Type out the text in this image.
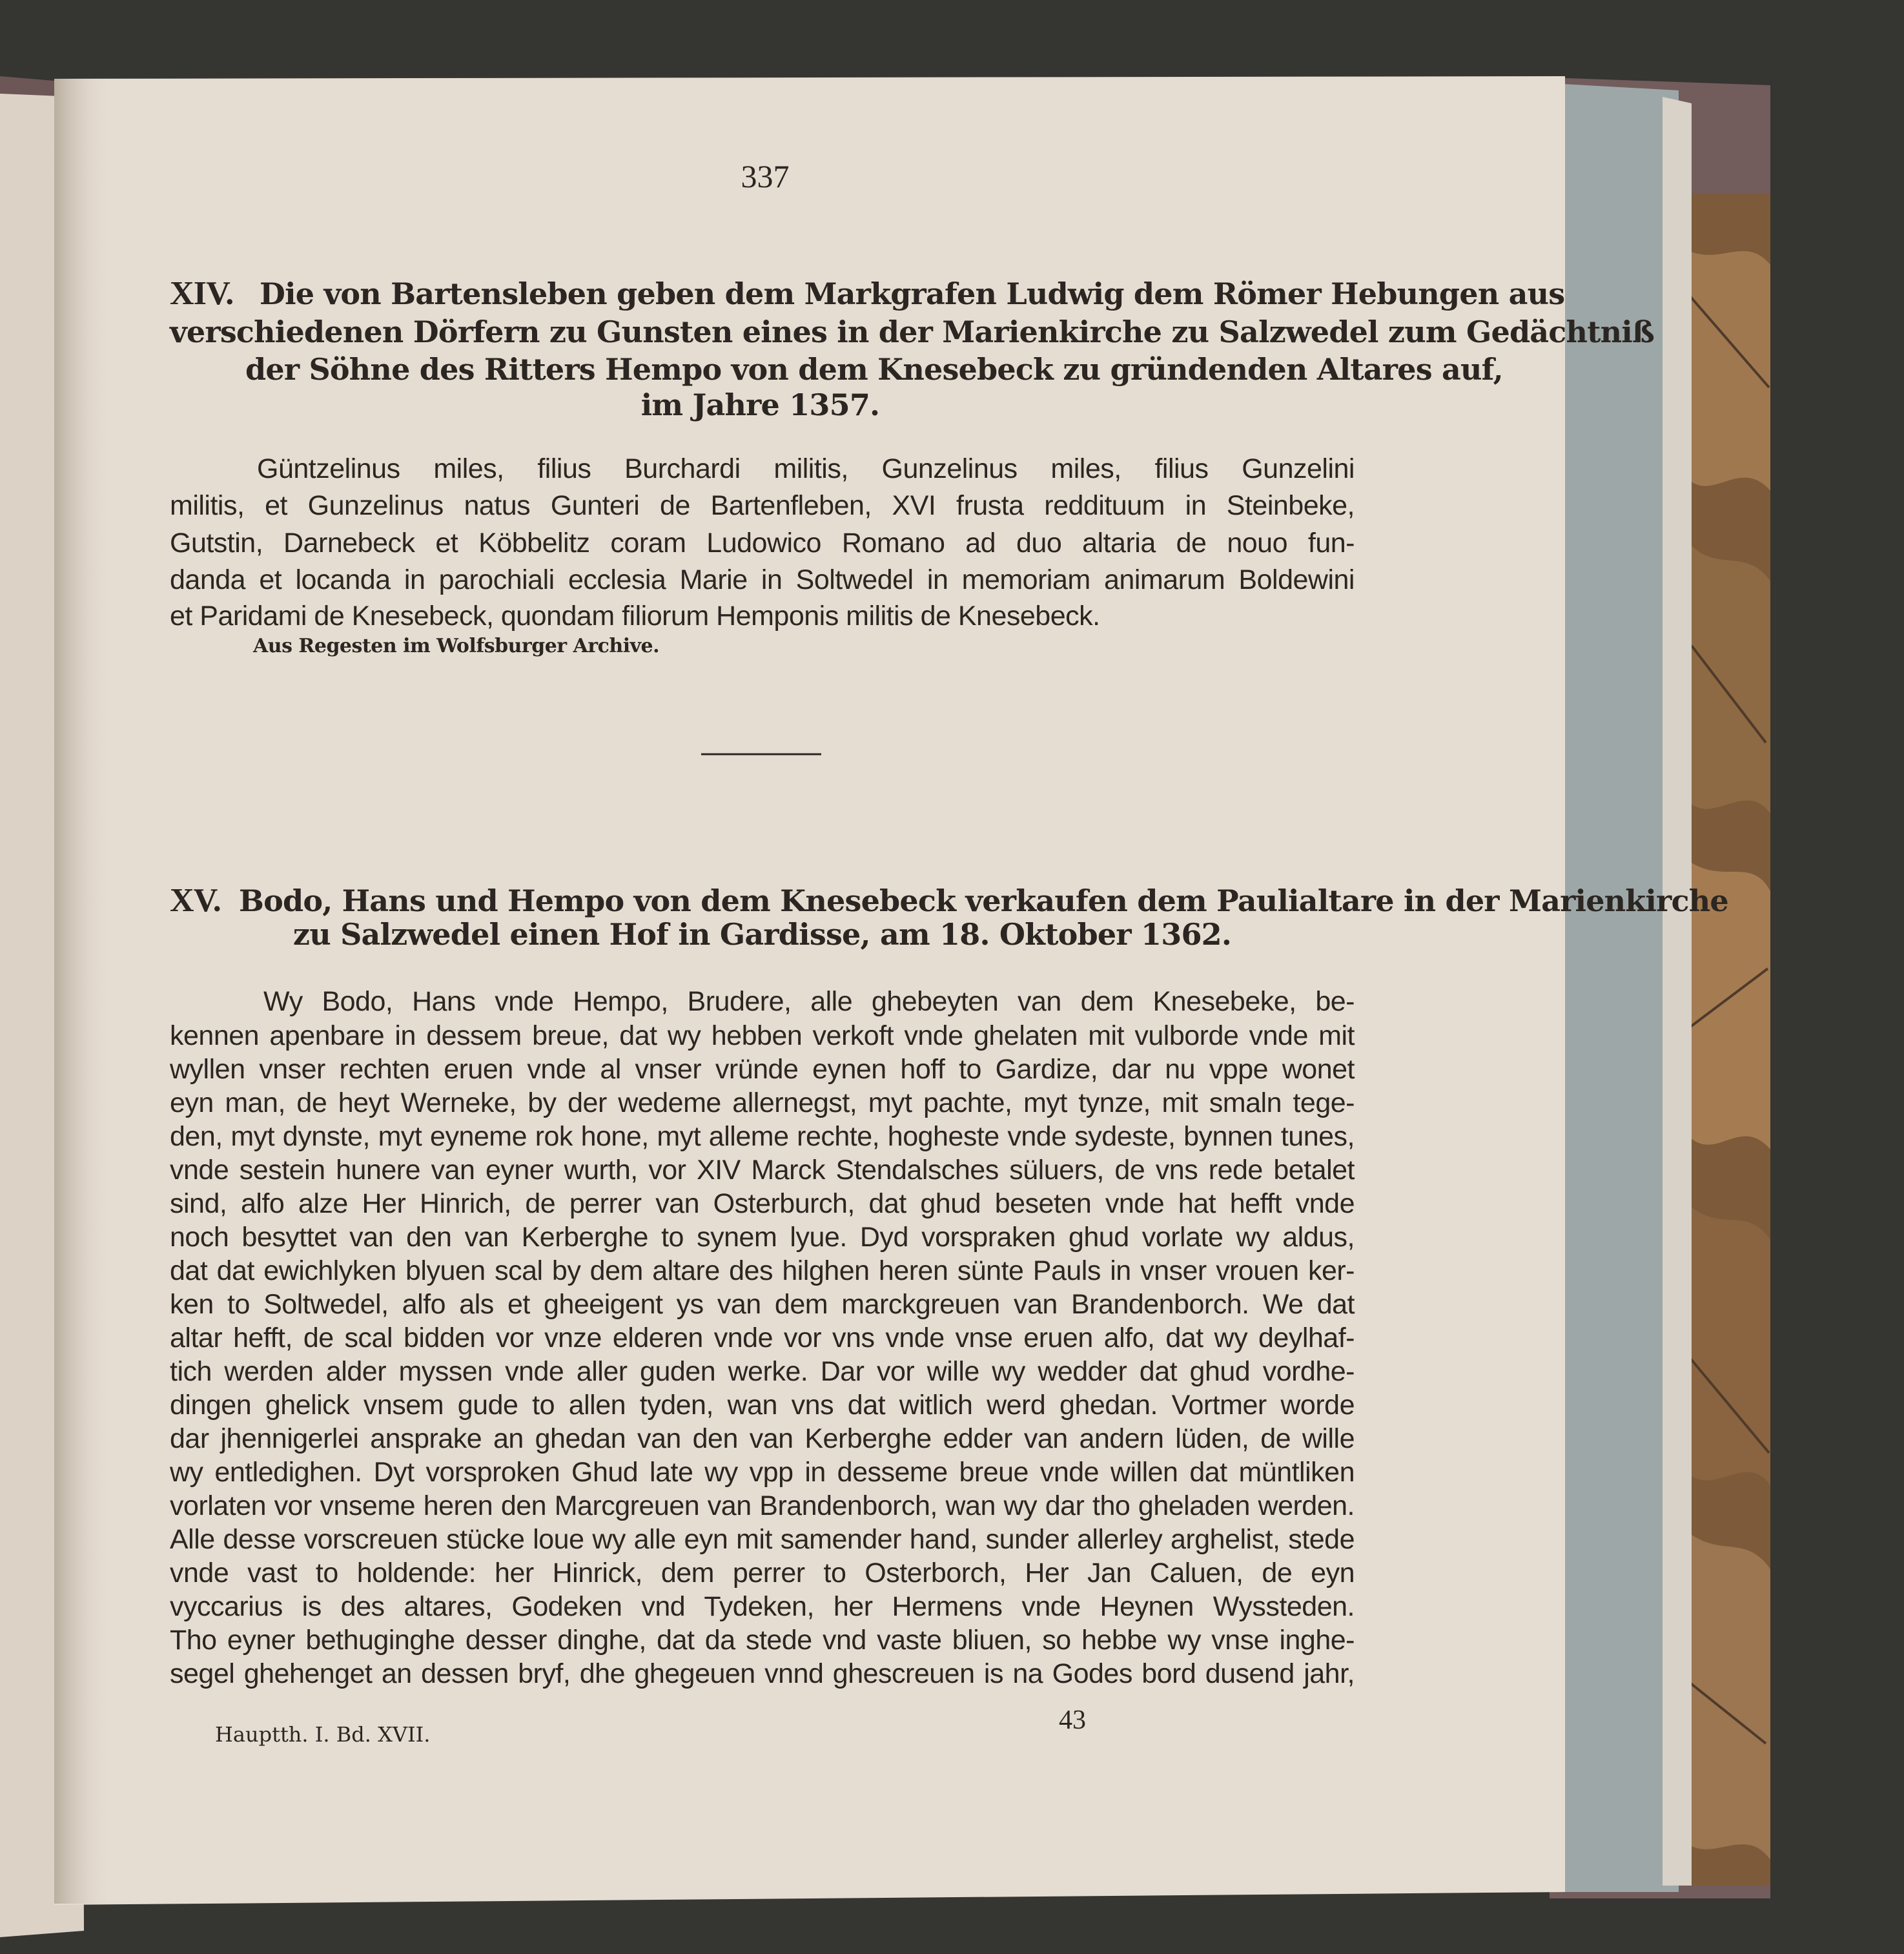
337
XIV. Die von Bartensleben geben dem Markgrafen Ludwig dem Römer Hebungen aus
verschiedenen Dörfern zu Gunsten eines in der Marienkirche zu Salzwedel zum Gedächtniß
der Söhne des Ritters Hempo von dem Knesebeck zu gründenden Altares auf,
im Jahre 1357.
Güntzelinus miles, filius Burchardi militis, Gunzelinus miles, filius Gunzelini
militis, et Gunzelinus natus Gunteri de Bartenfleben, XVI frusta reddituum in Steinbeke,
Gutstin, Darnebeck et Köbbelitz coram Ludowico Romano ad duo altaria de nouo fun-
danda et locanda in parochiali ecclesia Marie in Soltwedel in memoriam animarum Boldewini
et Paridami de Knesebeck, quondam filiorum Hemponis militis de Knesebeck.
Aus Regesten im Wolfsburger Archive.
XV. Bodo, Hans und Hempo von dem Knesebeck verkaufen dem Paulialtare in der Marienkirche
zu Salzwedel einen Hof in Gardisse, am 18. Oktober 1362.
Wy Bodo, Hans vnde Hempo, Brudere, alle ghebeyten van dem Knesebeke, be-
kennen apenbare in dessem breue, dat wy hebben verkoft vnde ghelaten mit vulborde vnde mit
wyllen vnser rechten eruen vnde al vnser vründe eynen hoff to Gardize, dar nu vppe wonet
eyn man, de heyt Werneke, by der wedeme allernegst, myt pachte, myt tynze, mit smaln tege-
den, myt dynste, myt eyneme rok hone, myt alleme rechte, hogheste vnde sydeste, bynnen tunes,
vnde sestein hunere van eyner wurth, vor XIV Marck Stendalsches süluers, de vns rede betalet
sind, alfo alze Her Hinrich, de perrer van Osterburch, dat ghud beseten vnde hat hefft vnde
noch besyttet van den van Kerberghe to synem lyue. Dyd vorspraken ghud vorlate wy aldus,
dat dat ewichlyken blyuen scal by dem altare des hilghen heren sünte Pauls in vnser vrouen ker-
ken to Soltwedel, alfo als et gheeigent ys van dem marckgreuen van Brandenborch. We dat
altar hefft, de scal bidden vor vnze elderen vnde vor vns vnde vnse eruen alfo, dat wy deylhaf-
tich werden alder myssen vnde aller guden werke. Dar vor wille wy wedder dat ghud vordhe-
dingen ghelick vnsem gude to allen tyden, wan vns dat witlich werd ghedan. Vortmer worde
dar jhennigerlei ansprake an ghedan van den van Kerberghe edder van andern lüden, de wille
wy entledighen. Dyt vorsproken Ghud late wy vpp in desseme breue vnde willen dat müntliken
vorlaten vor vnseme heren den Marcgreuen van Brandenborch, wan wy dar tho gheladen werden.
Alle desse vorscreuen stücke loue wy alle eyn mit samender hand, sunder allerley arghelist, stede
vnde vast to holdende: her Hinrick, dem perrer to Osterborch, Her Jan Caluen, de eyn
vyccarius is des altares, Godeken vnd Tydeken, her Hermens vnde Heynen Wyssteden.
Tho eyner bethuginghe desser dinghe, dat da stede vnd vaste bliuen, so hebbe wy vnse inghe-
segel ghehenget an dessen bryf, dhe ghegeuen vnnd ghescreuen is na Godes bord dusend jahr,
Hauptth. I. Bd. XVII.	43
